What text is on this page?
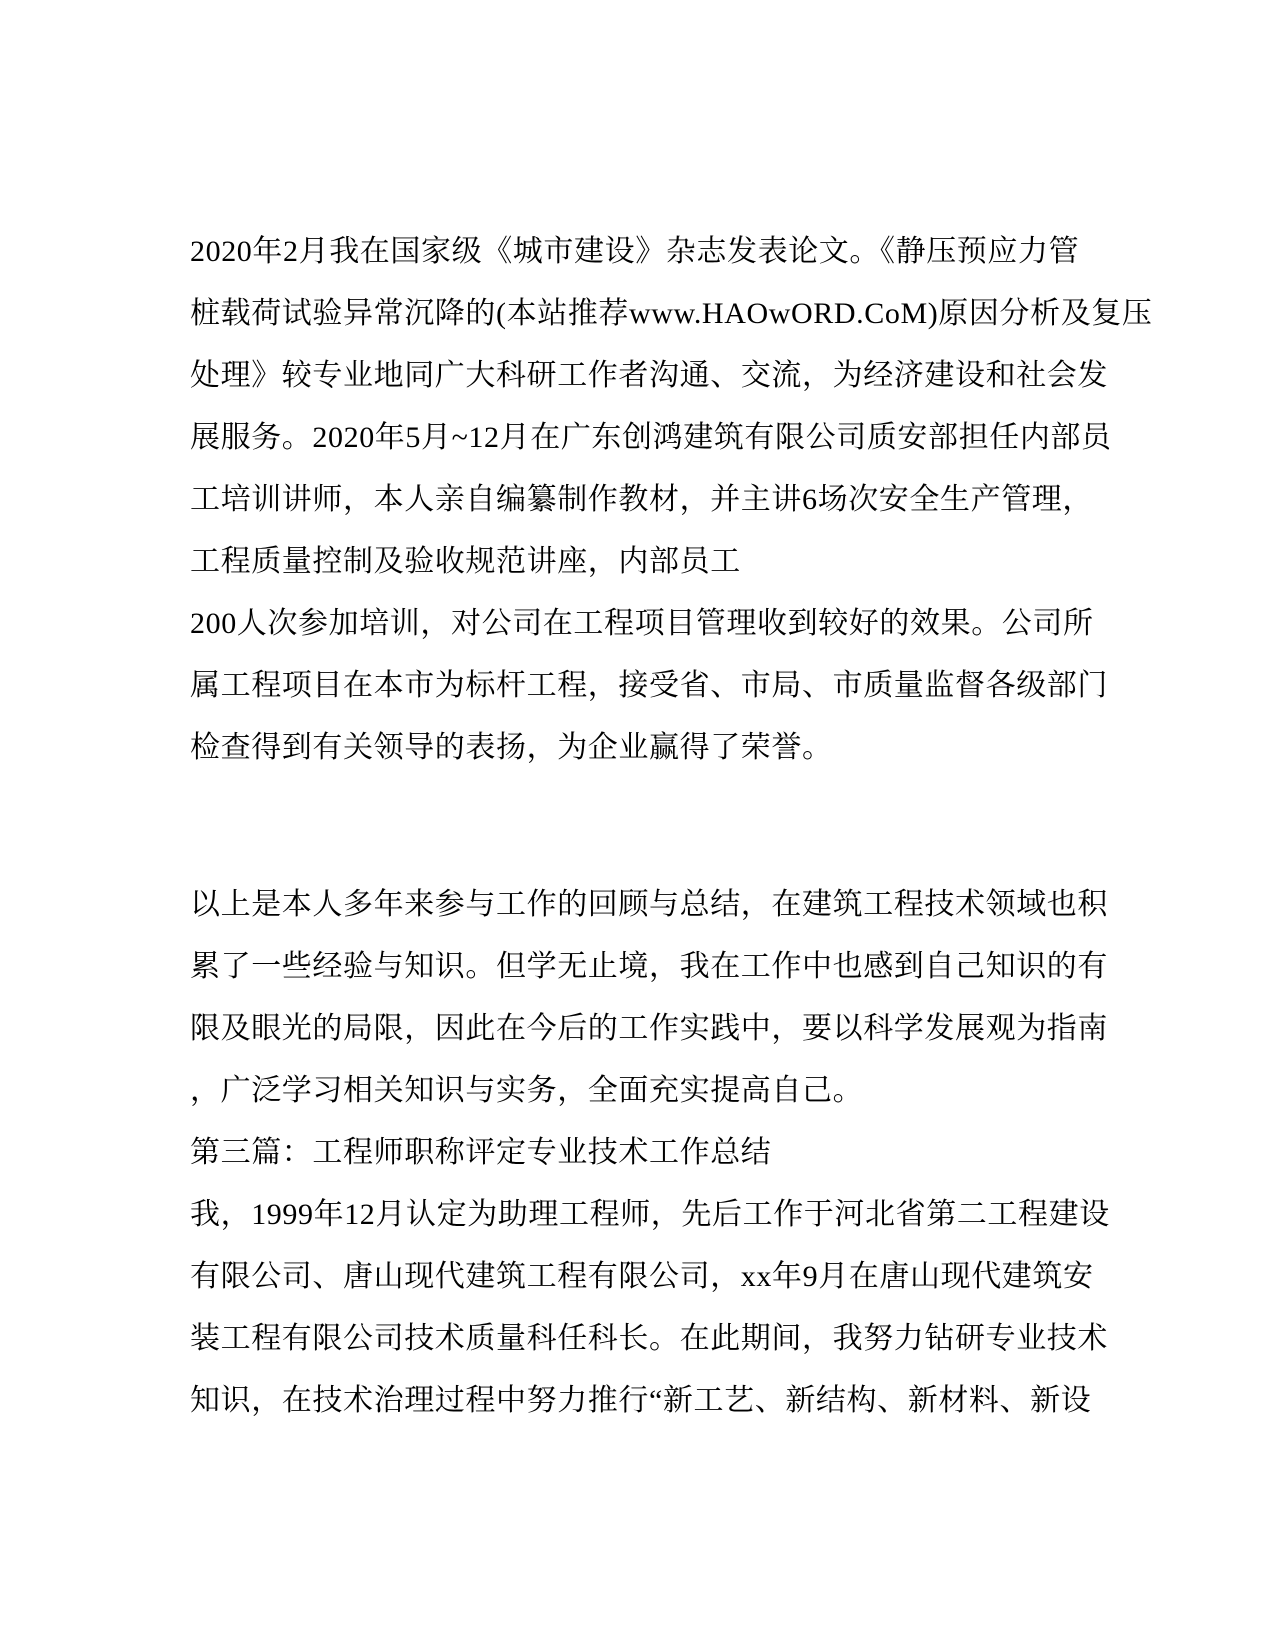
2020年2月我在国家级《城市建设》杂志发表论文。《静压预应力管
桩载荷试验异常沉降的(本站推荐www.HAOwORD.CoM)原因分析及复压
处理》较专业地同广大科研工作者沟通、交流，为经济建设和社会发
展服务。2020年5月~12月在广东创鸿建筑有限公司质安部担任内部员
工培训讲师，本人亲自编纂制作教材，并主讲6场次安全生产管理，
工程质量控制及验收规范讲座，内部员工
200人次参加培训，对公司在工程项目管理收到较好的效果。公司所
属工程项目在本市为标杆工程，接受省、市局、市质量监督各级部门
检查得到有关领导的表扬，为企业赢得了荣誉。
以上是本人多年来参与工作的回顾与总结，在建筑工程技术领域也积
累了一些经验与知识。但学无止境，我在工作中也感到自己知识的有
限及眼光的局限，因此在今后的工作实践中，要以科学发展观为指南
，广泛学习相关知识与实务，全面充实提高自己。
第三篇：工程师职称评定专业技术工作总结
我，1999年12月认定为助理工程师，先后工作于河北省第二工程建设
有限公司、唐山现代建筑工程有限公司，xx年9月在唐山现代建筑安
装工程有限公司技术质量科任科长。在此期间，我努力钻研专业技术
知识，在技术治理过程中努力推行“新工艺、新结构、新材料、新设
